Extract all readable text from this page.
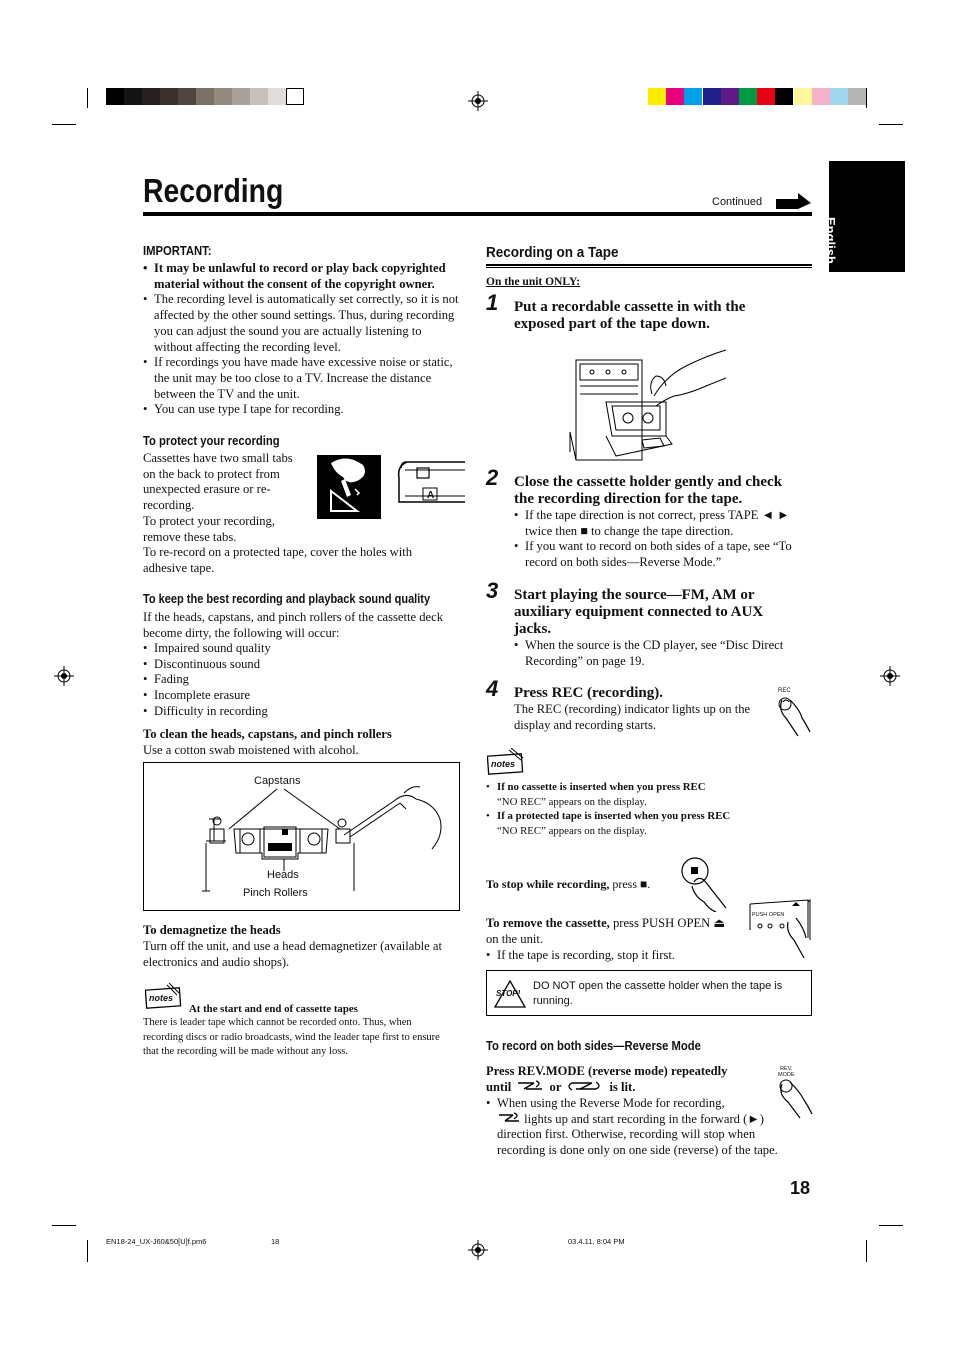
Recording	Continued
English
IMPORTANT:
• It may be unlawful to record or play back copyrighted material without the consent of the copyright owner.
• The recording level is automatically set correctly, so it is not affected by the other sound settings. Thus, during recording you can adjust the sound you are actually listening to without affecting the recording level.
• If recordings you have made have excessive noise or static, the unit may be too close to a TV. Increase the distance between the TV and the unit.
• You can use type I tape for recording.
To protect your recording
Cassettes have two small tabs on the back to protect from unexpected erasure or re-recording.
To protect your recording, remove these tabs.
To re-record on a protected tape, cover the holes with adhesive tape.
A
To keep the best recording and playback sound quality
If the heads, capstans, and pinch rollers of the cassette deck become dirty, the following will occur:
• Impaired sound quality
• Discontinuous sound
• Fading
• Incomplete erasure
• Difficulty in recording
To clean the heads, capstans, and pinch rollers
Use a cotton swab moistened with alcohol.
Capstans
Heads
Pinch Rollers
To demagnetize the heads
Turn off the unit, and use a head demagnetizer (available at electronics and audio shops).
notes
At the start and end of cassette tapes
There is leader tape which cannot be recorded onto. Thus, when recording discs or radio broadcasts, wind the leader tape first to ensure that the recording will be made without any loss.
Recording on a Tape
On the unit ONLY:
1 Put a recordable cassette in with the exposed part of the tape down.
2 Close the cassette holder gently and check the recording direction for the tape.
• If the tape direction is not correct, press TAPE ◄ ► twice then ■ to change the tape direction.
• If you want to record on both sides of a tape, see “To record on both sides—Reverse Mode.”
3 Start playing the source—FM, AM or auxiliary equipment connected to AUX jacks.
• When the source is the CD player, see “Disc Direct Recording” on page 19.
4 Press REC (recording).
The REC (recording) indicator lights up on the display and recording starts.
REC
notes
• If no cassette is inserted when you press REC
“NO REC” appears on the display.
• If a protected tape is inserted when you press REC
“NO REC” appears on the display.
To stop while recording, press ■.
To remove the cassette, press PUSH OPEN ⏏ on the unit.
• If the tape is recording, stop it first.
PUSH OPEN
STOP!
DO NOT open the cassette holder when the tape is running.
To record on both sides—Reverse Mode
Press REV.MODE (reverse mode) repeatedly
until	or	is lit.
• When using the Reverse Mode for recording,
lights up and start recording in the forward (►) direction first. Otherwise, recording will stop when recording is done only on one side (reverse) of the tape.
REV.
MODE
18
EN18-24_UX-J60&50[U]f.pm6	18	03.4.11, 8:04 PM
